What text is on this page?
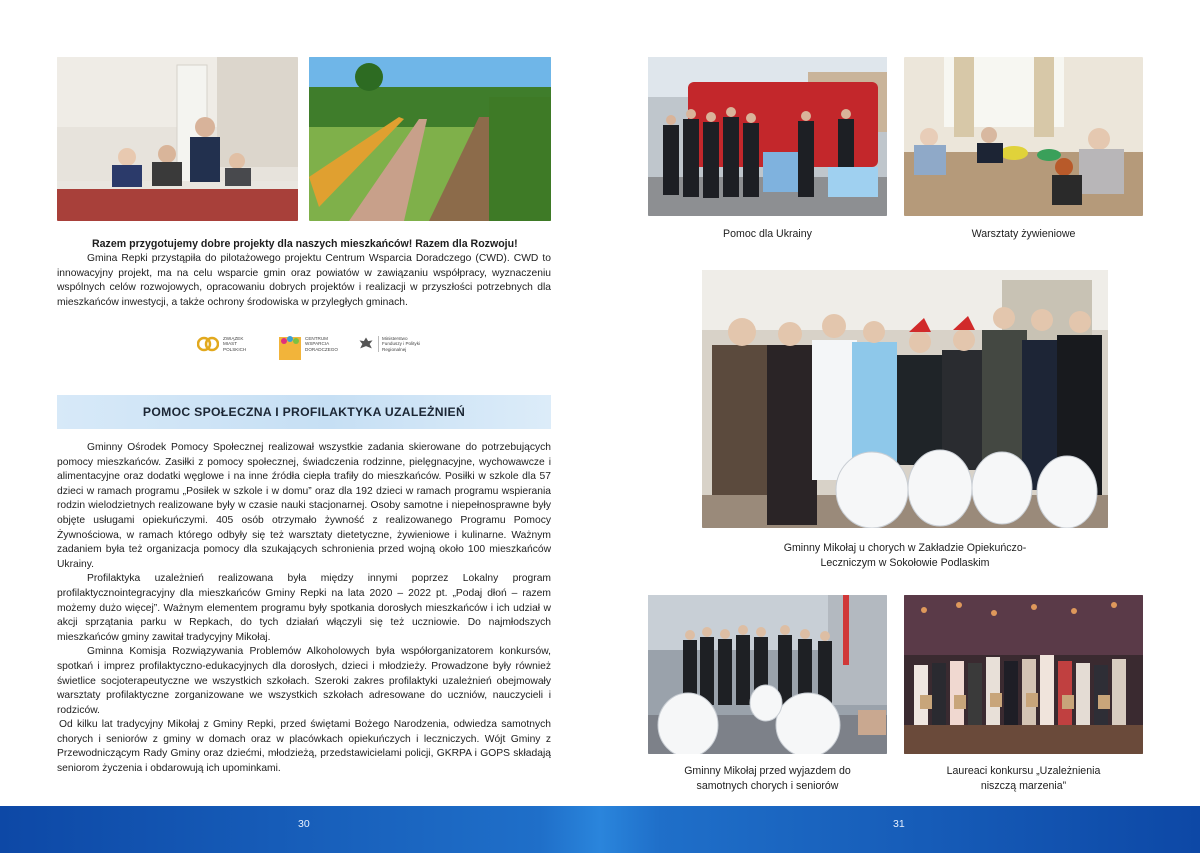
Razem przygotujemy dobre projekty dla naszych mieszkańców! Razem dla Rozwoju!

Gmina Repki przystąpiła do pilotażowego projektu Centrum Wsparcia Doradczego (CWD). CWD to innowacyjny projekt, ma na celu wsparcie gmin oraz powiatów w zawiązaniu współpracy, wyznaczeniu wspólnych celów rozwojowych, opracowaniu dobrych projektów i realizacji w przyszłości potrzebnych dla mieszkańców inwestycji, a także ochrony środowiska w przyległych gminach.

ZWIĄZEK MIAST POLSKICH
CENTRUM WSPARCIA DORADCZEGO
Ministerstwo Funduszy i Polityki Regionalnej
POMOC SPOŁECZNA I PROFILAKTYKA UZALEŻNIEŃ

Gminny Ośrodek Pomocy Społecznej realizował wszystkie zadania skierowane do potrzebujących pomocy mieszkańców. Zasiłki z pomocy społecznej, świadczenia rodzinne, pielęgnacyjne, wychowawcze i alimentacyjne oraz dodatki węglowe i na inne źródła ciepła trafiły do mieszkańców. Posiłki w szkole dla 57 dzieci w ramach programu „Posiłek w szkole i w domu” oraz dla 192 dzieci w ramach programu wspierania rodzin wielodzietnych realizowane były w czasie nauki stacjonarnej. Osoby samotne i niepełnosprawne były objęte usługami opiekuńczymi. 405 osób otrzymało żywność z realizowanego Programu Pomocy Żywnościowa, w ramach którego odbyły się też warsztaty dietetyczne, żywieniowe i kulinarne. Ważnym zadaniem była też organizacja pomocy dla szukających schronienia przed wojną około 100 mieszkańców Ukrainy.

Profilaktyka uzależnień realizowana była między innymi poprzez Lokalny program profilaktycznointegracyjny dla mieszkańców Gminy Repki na lata 2020 – 2022 pt. „Podaj dłoń – razem możemy dużo więcej”. Ważnym elementem programu były spotkania dorosłych mieszkańców i ich udział w akcji sprzątania parku w Repkach, do tych działań włączyli się też uczniowie. Do najmłodszych mieszkańców gminy zawitał tradycyjny Mikołaj.

Gminna Komisja Rozwiązywania Problemów Alkoholowych była współorganizatorem konkursów, spotkań i imprez profilaktyczno-edukacyjnych dla dorosłych, dzieci i młodzieży. Prowadzone były również świetlice socjoterapeutyczne we wszystkich szkołach. Szeroki zakres profilaktyki uzależnień obejmowały warsztaty profilaktyczne zorganizowane we wszystkich szkołach adresowane do uczniów, nauczycieli i rodziców.

Od kilku lat tradycyjny Mikołaj z Gminy Repki, przed świętami Bożego Narodzenia, odwiedza samotnych chorych i seniorów z gminy w domach oraz w placówkach opiekuńczych i leczniczych. Wójt Gminy z Przewodniczącym Rady Gminy oraz dziećmi, młodzieżą, przedstawicielami policji, GKRPA i GOPS składają seniorom życzenia i obdarowują ich upominkami.

Pomoc dla Ukrainy	Warsztaty żywieniowe
Gminny Mikołaj u chorych w Zakładzie Opiekuńczo-Leczniczym w Sokołowie Podlaskim
Gminny Mikołaj przed wyjazdem do samotnych chorych i seniorów
Laureaci konkursu „Uzależnienia niszczą marzenia”
30	31
